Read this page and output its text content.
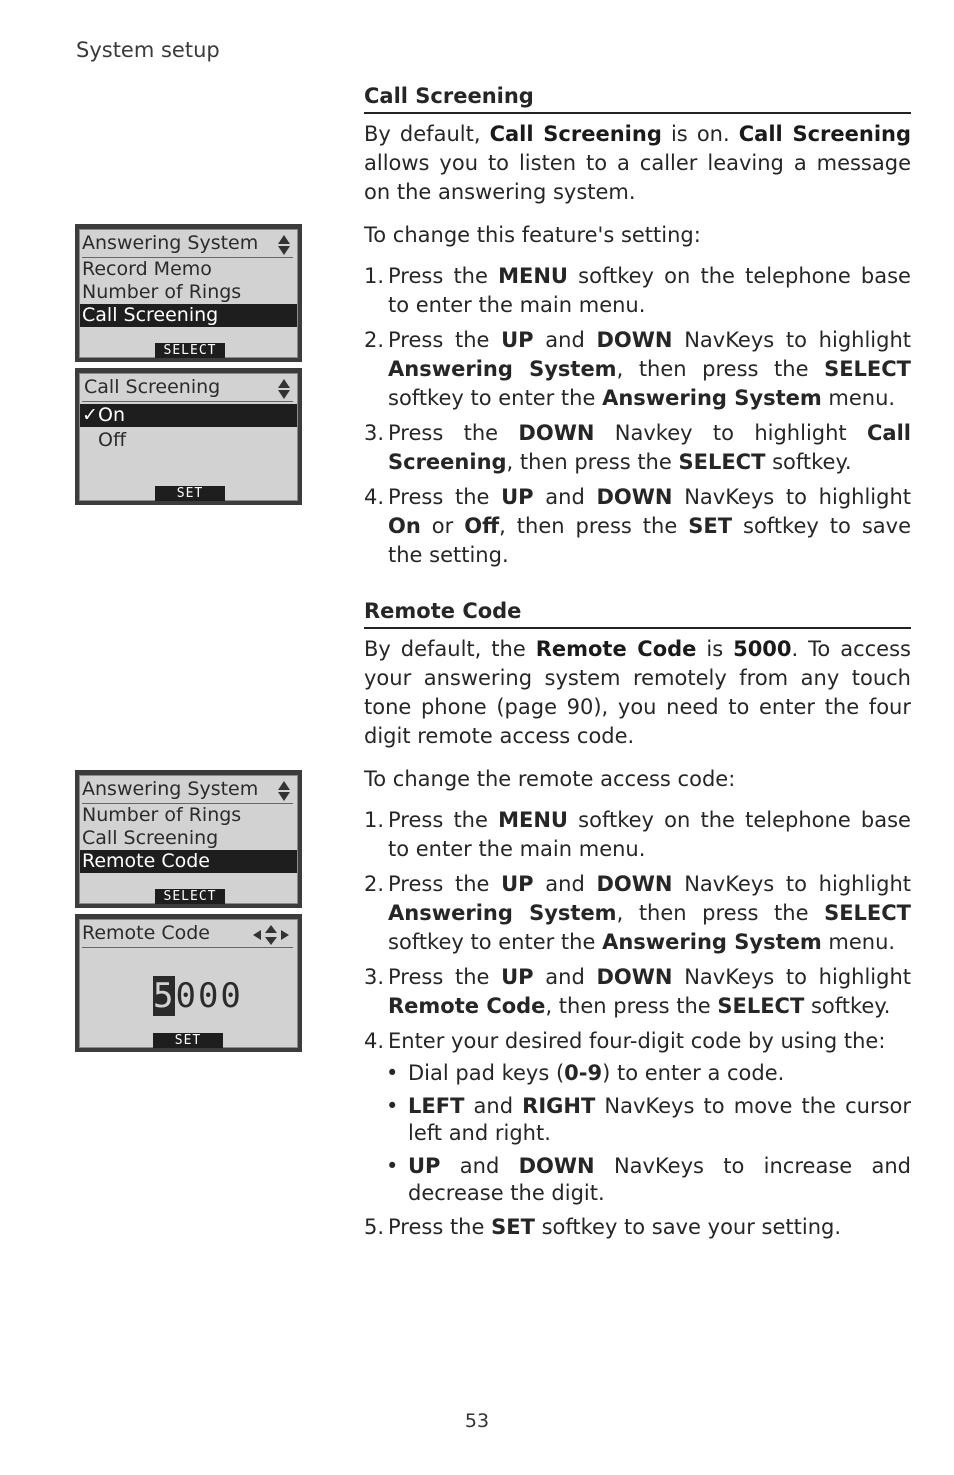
System setup
Answering System
Record Memo
Number of Rings
Call Screening
SELECT
Call Screening
✓On
Off
SET
Answering System
Number of Rings
Call Screening
Remote Code
SELECT
Remote Code
5000
SET
Call Screening

By default, Call Screening is on. Call Screening allows you to listen to a caller leaving a message on the answering system.

To change this feature's setting:

1. Press the MENU softkey on the telephone base to enter the main menu.
2. Press the UP and DOWN NavKeys to highlight Answering System, then press the SELECT softkey to enter the Answering System menu.
3. Press the DOWN Navkey to highlight Call Screening, then press the SELECT softkey.
4. Press the UP and DOWN NavKeys to highlight On or Off, then press the SET softkey to save the setting.
Remote Code

By default, the Remote Code is 5000. To access your answering system remotely from any touch tone phone (page 90), you need to enter the four digit remote access code.

To change the remote access code:

1. Press the MENU softkey on the telephone base to enter the main menu.
2. Press the UP and DOWN NavKeys to highlight Answering System, then press the SELECT softkey to enter the Answering System menu.
3. Press the UP and DOWN NavKeys to highlight Remote Code, then press the SELECT softkey.
4. Enter your desired four-digit code by using the:
• Dial pad keys (0-9) to enter a code.
• LEFT and RIGHT NavKeys to move the cursor left and right.
• UP and DOWN NavKeys to increase and decrease the digit.
5. Press the SET softkey to save your setting.
53
